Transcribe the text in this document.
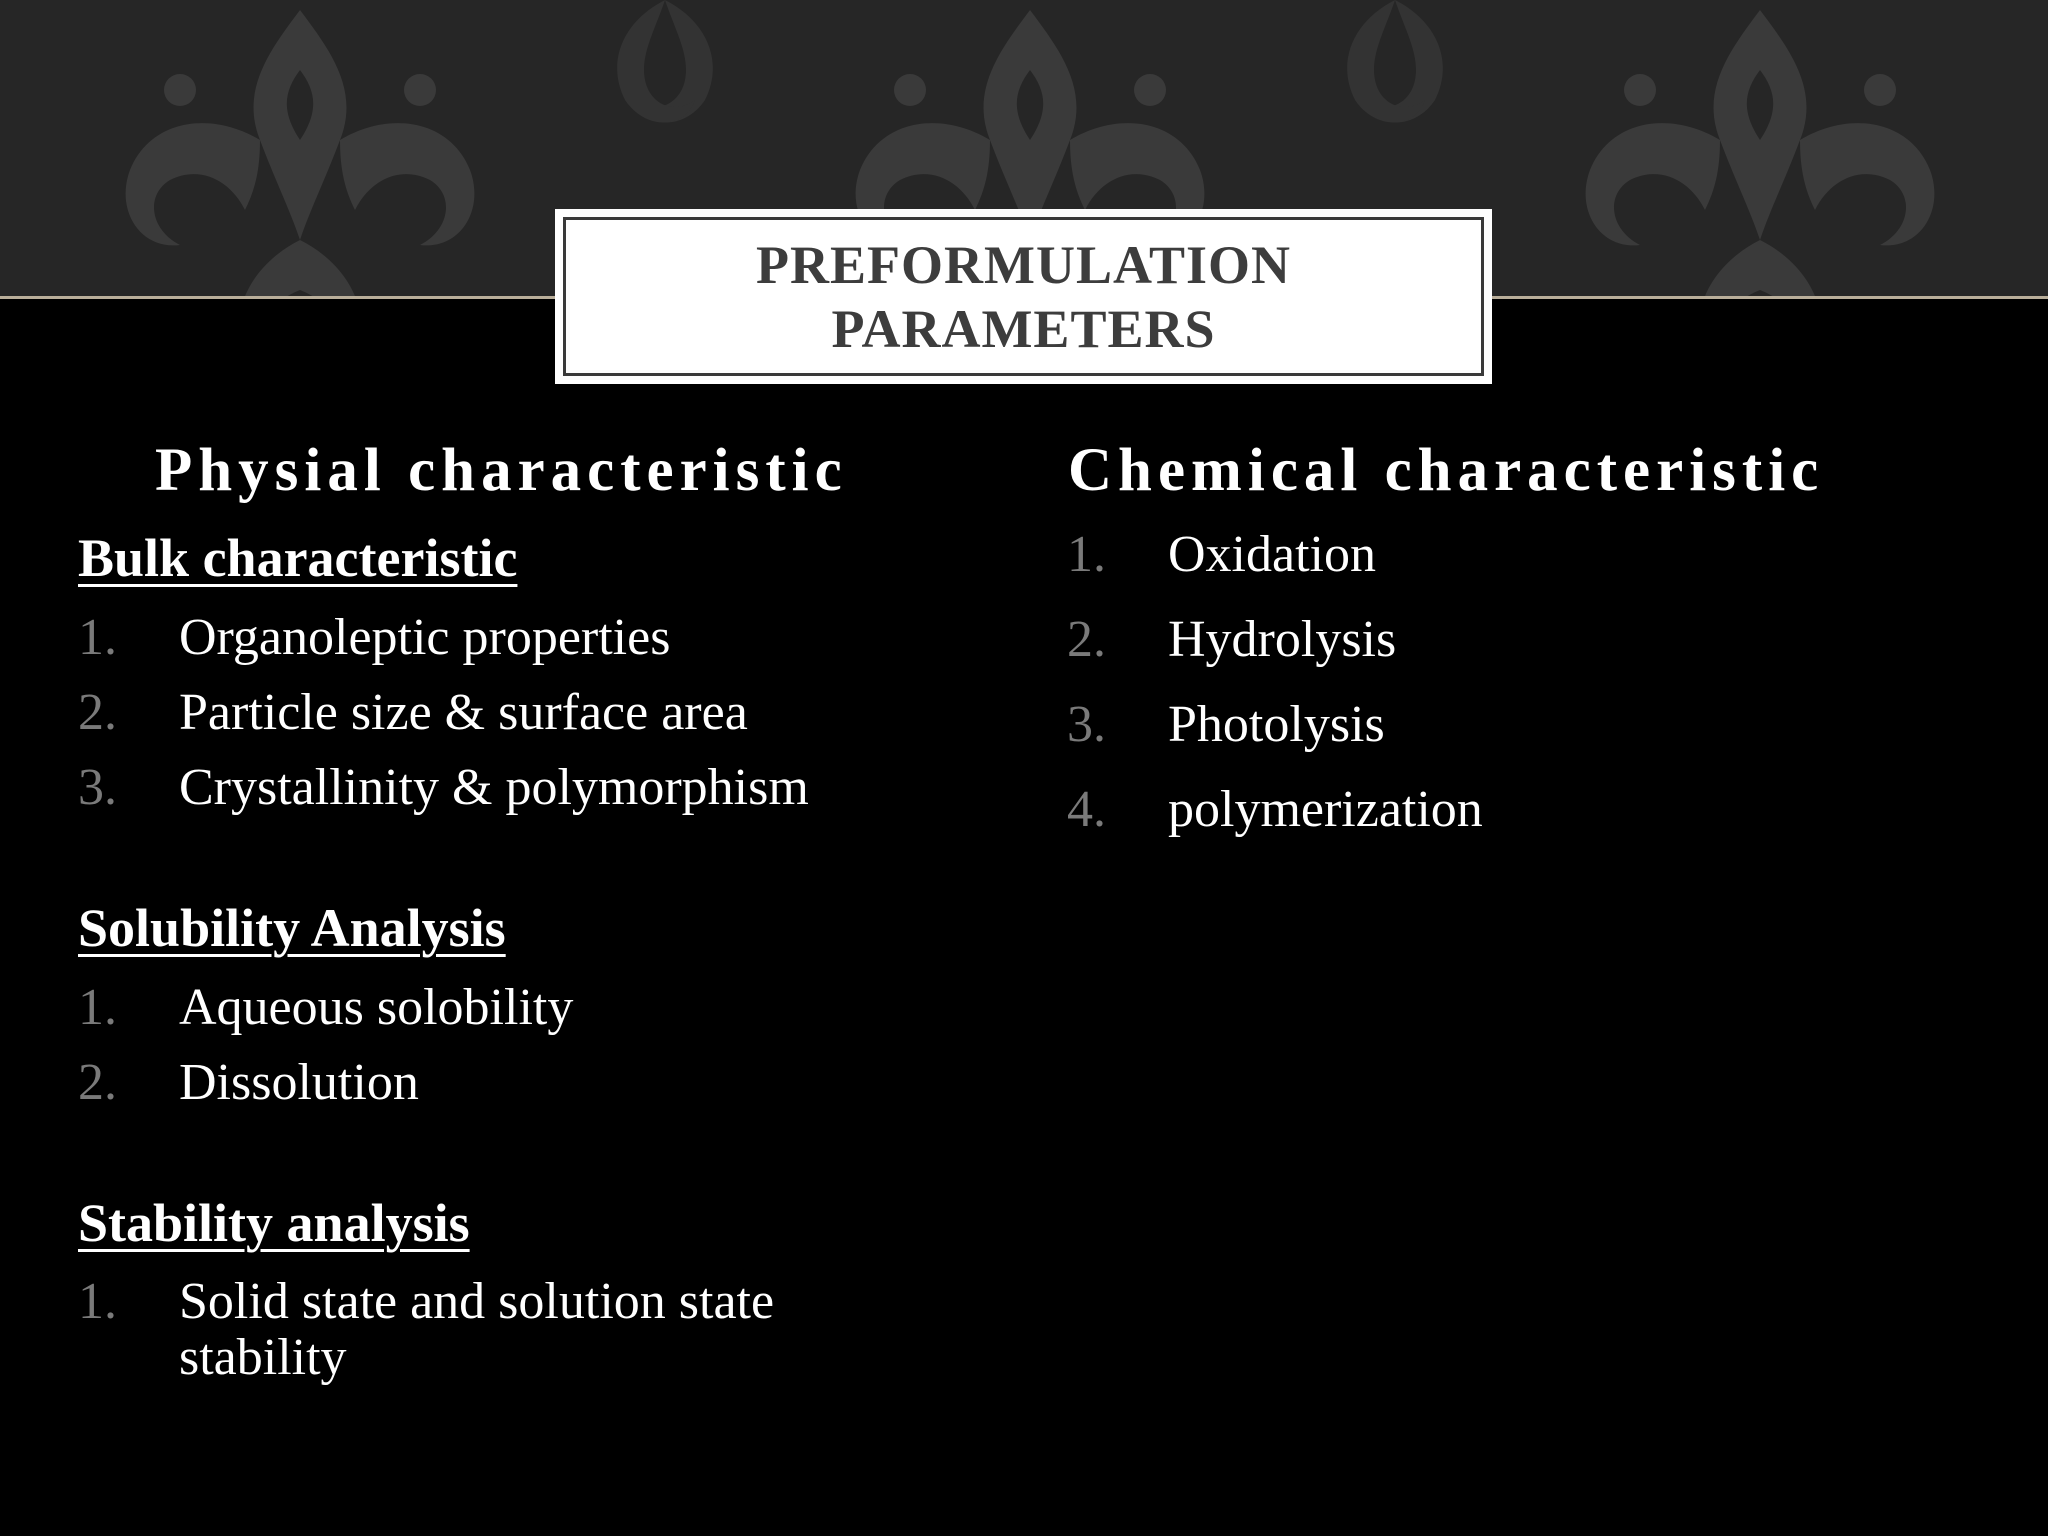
PREFORMULATION
PARAMETERS
Physial characteristic
Bulk characteristic
1. Organoleptic properties
2. Particle size & surface area
3. Crystallinity & polymorphism
Solubility Analysis
1. Aqueous solobility
2. Dissolution
Stability analysis
1. Solid state and solution state stability
Chemical characteristic
1. Oxidation
2. Hydrolysis
3. Photolysis
4. polymerization
